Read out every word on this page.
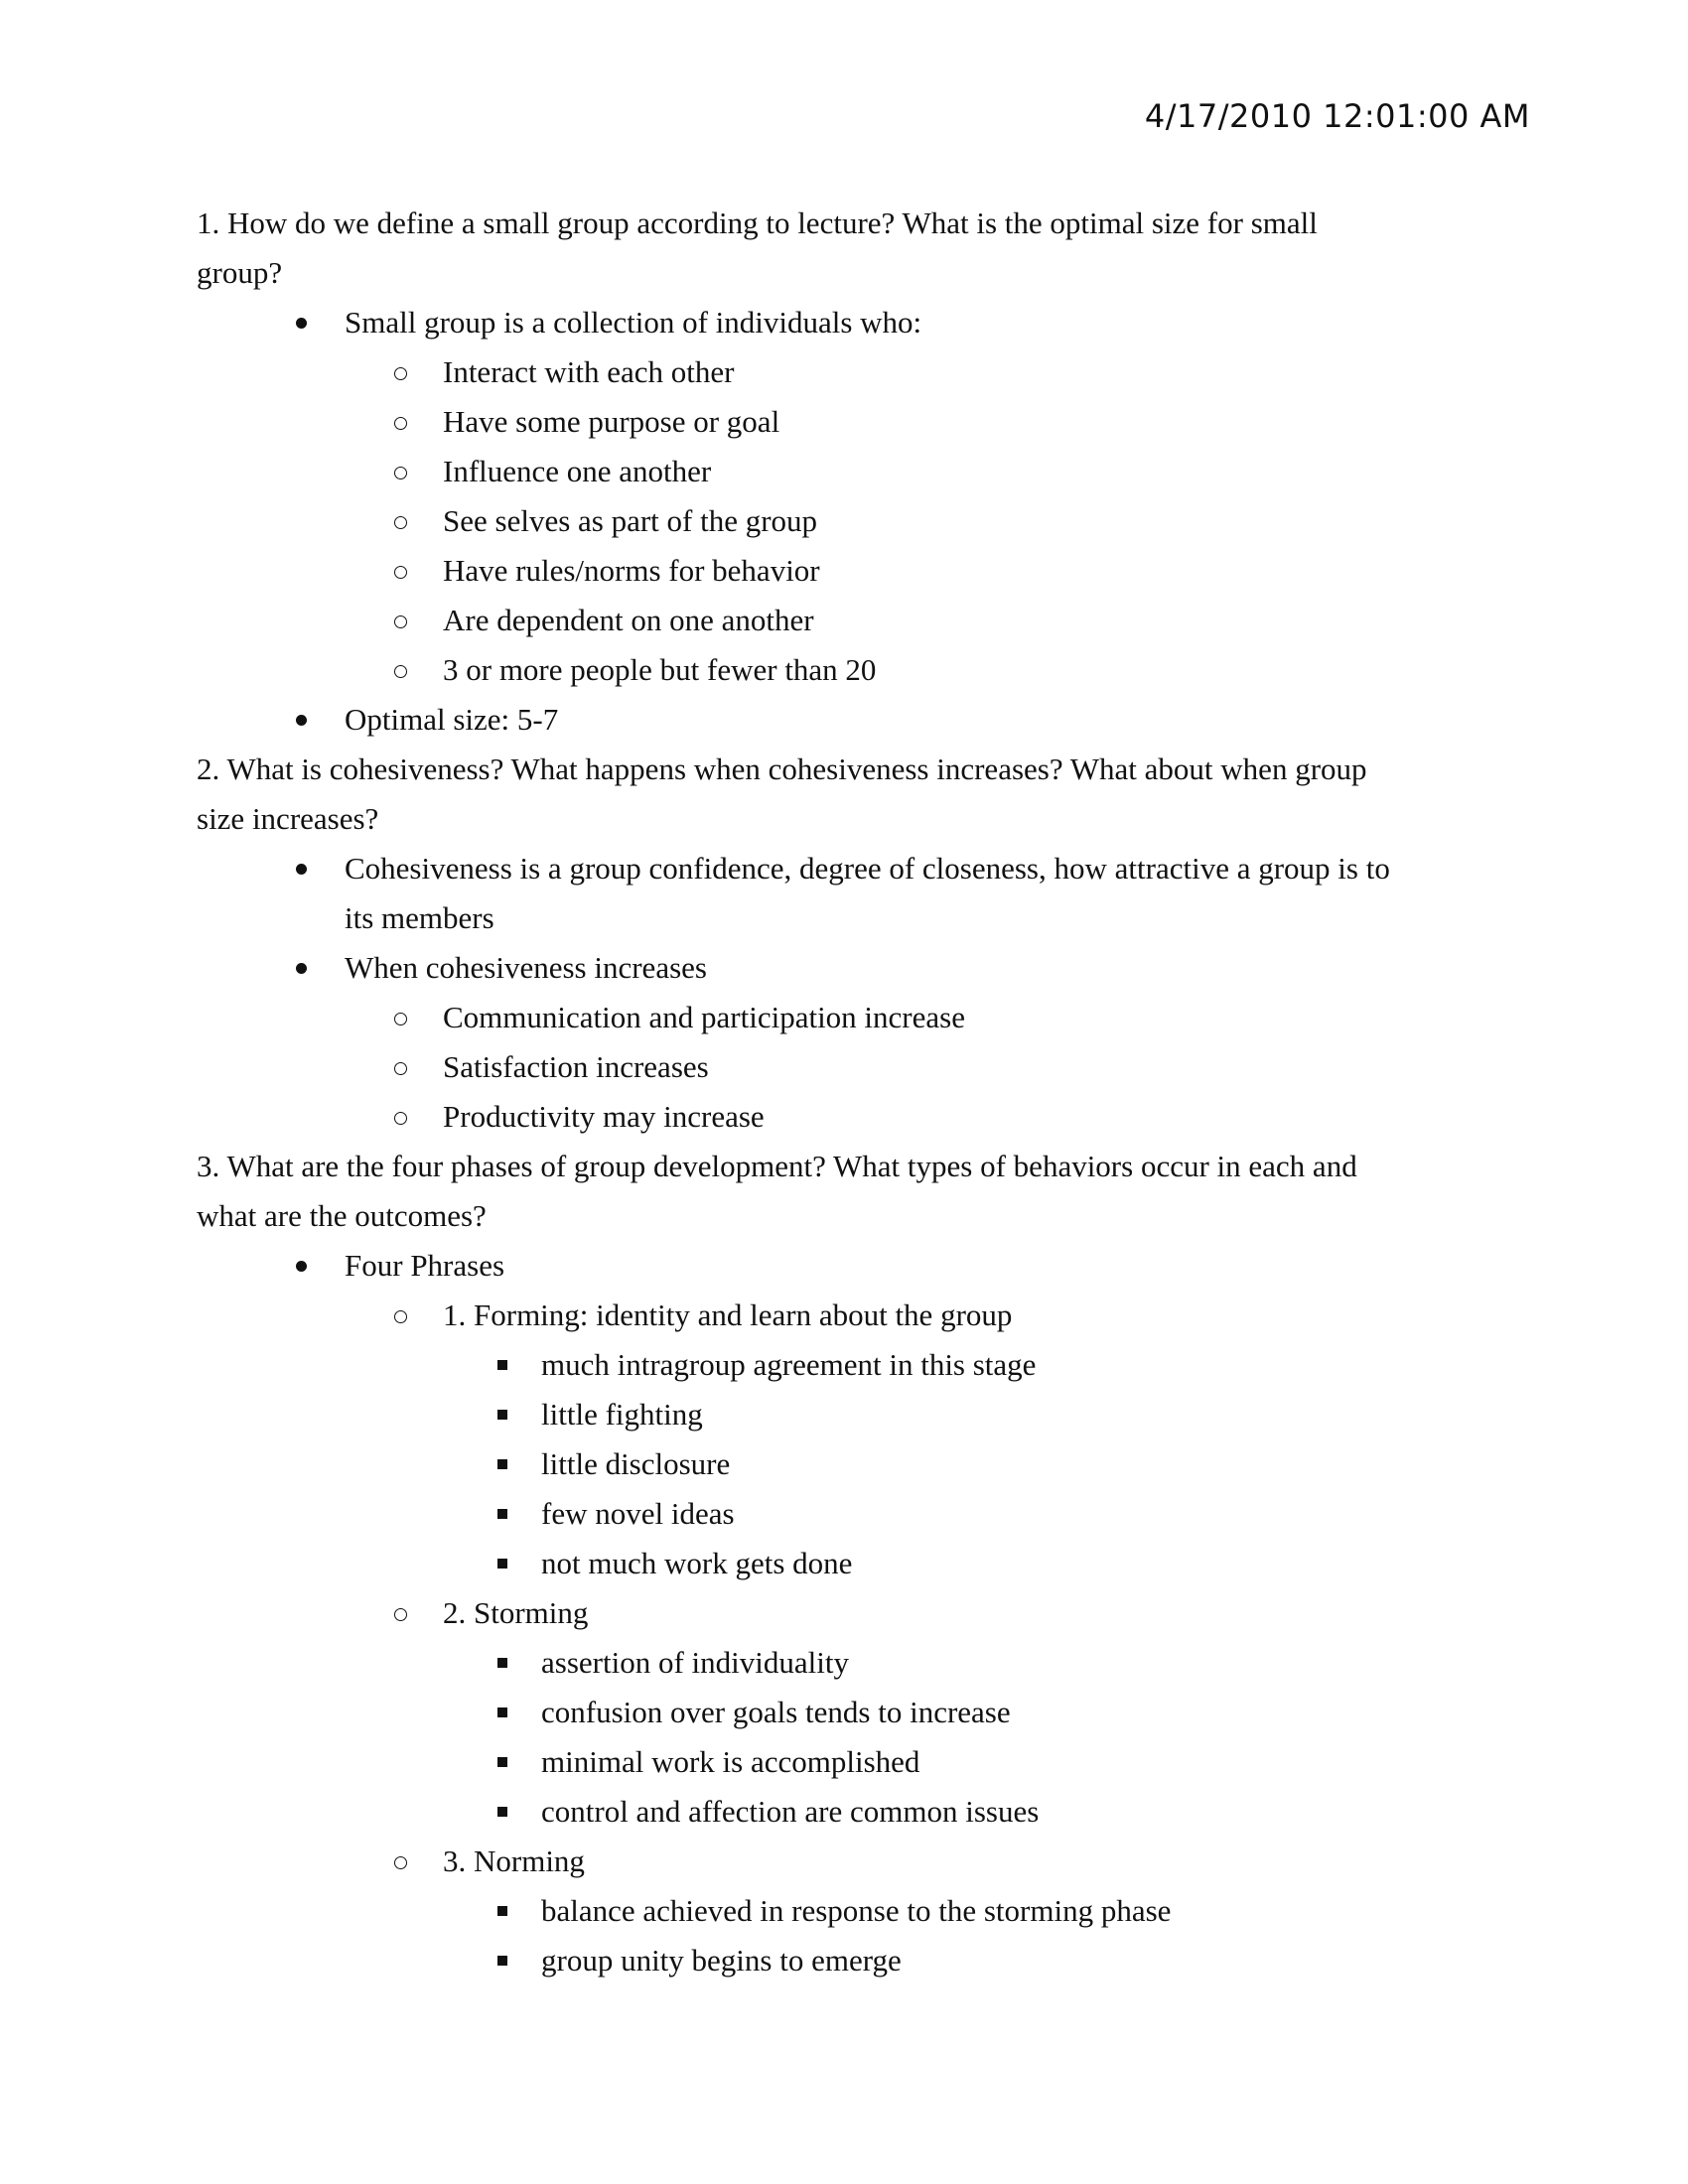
4/17/2010 12:01:00 AM
1. How do we define a small group according to lecture? What is the optimal size for small
group?
Small group is a collection of individuals who:
Interact with each other
Have some purpose or goal
Influence one another
See selves as part of the group
Have rules/norms for behavior
Are dependent on one another
3 or more people but fewer than 20
Optimal size: 5-7
2. What is cohesiveness? What happens when cohesiveness increases? What about when group
size increases?
Cohesiveness is a group confidence, degree of closeness, how attractive a group is to
its members
When cohesiveness increases
Communication and participation increase
Satisfaction increases
Productivity may increase
3. What are the four phases of group development? What types of behaviors occur in each and
what are the outcomes?
Four Phrases
1. Forming: identity and learn about the group
much intragroup agreement in this stage
little fighting
little disclosure
few novel ideas
not much work gets done
2. Storming
assertion of individuality
confusion over goals tends to increase
minimal work is accomplished
control and affection are common issues
3. Norming
balance achieved in response to the storming phase
group unity begins to emerge
